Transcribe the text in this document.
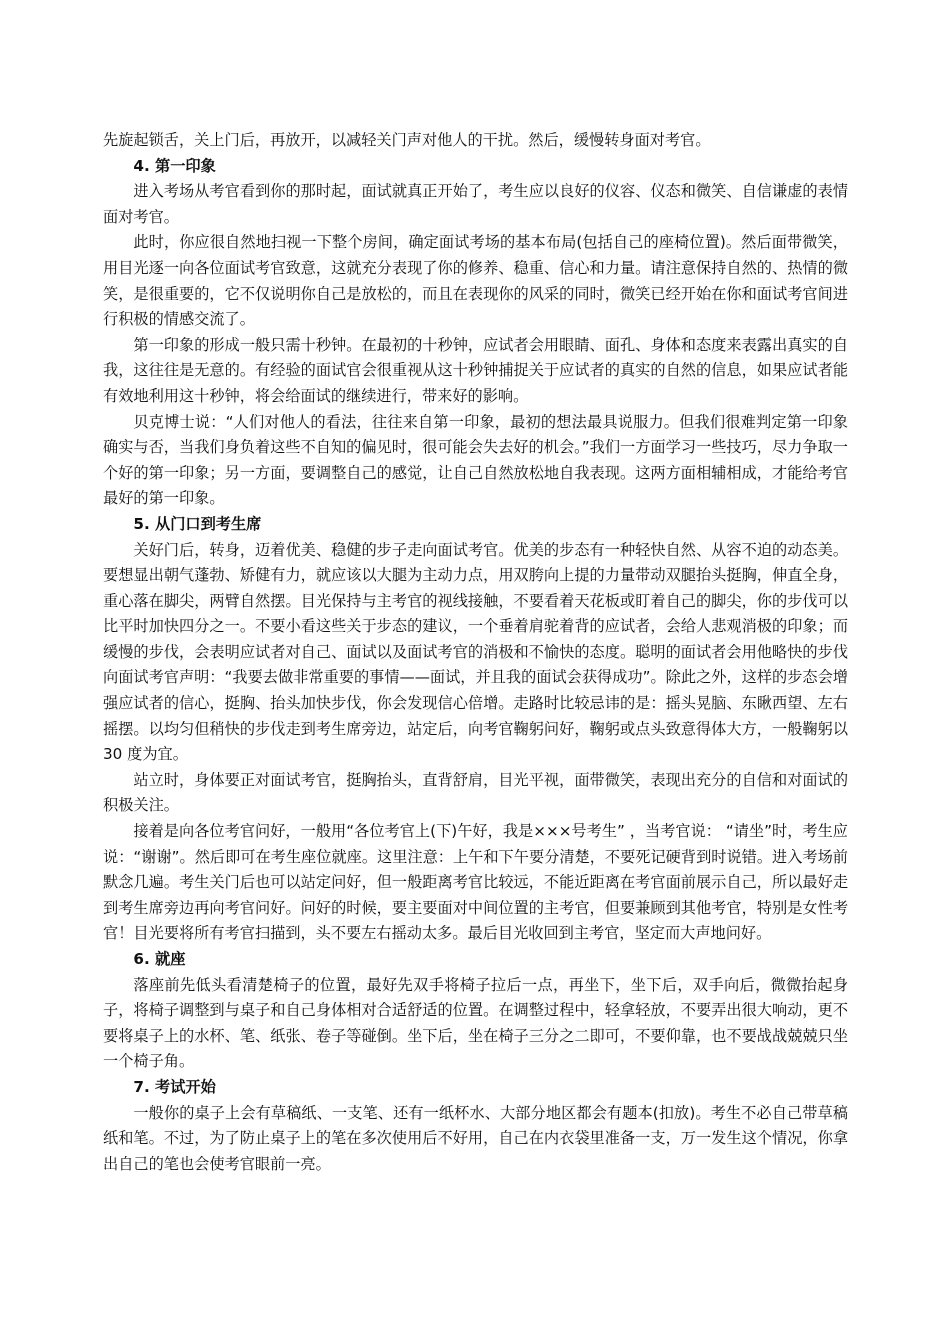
先旋起锁舌，关上门后，再放开，以减轻关门声对他人的干扰。然后，缓慢转身面对考官。

4. 第一印象

进入考场从考官看到你的那时起，面试就真正开始了，考生应以良好的仪容、仪态和微笑、自信谦虚的表情面对考官。

此时，你应很自然地扫视一下整个房间，确定面试考场的基本布局(包括自己的座椅位置)。然后面带微笑，用目光逐一向各位面试考官致意，这就充分表现了你的修养、稳重、信心和力量。请注意保持自然的、热情的微笑，是很重要的，它不仅说明你自己是放松的，而且在表现你的风采的同时，微笑已经开始在你和面试考官间进行积极的情感交流了。

第一印象的形成一般只需十秒钟。在最初的十秒钟，应试者会用眼睛、面孔、身体和态度来表露出真实的自我，这往往是无意的。有经验的面试官会很重视从这十秒钟捕捉关于应试者的真实的自然的信息，如果应试者能有效地利用这十秒钟，将会给面试的继续进行，带来好的影响。

贝克博士说：“人们对他人的看法，往往来自第一印象，最初的想法最具说服力。但我们很难判定第一印象确实与否，当我们身负着这些不自知的偏见时，很可能会失去好的机会。”我们一方面学习一些技巧，尽力争取一个好的第一印象；另一方面，要调整自己的感觉，让自己自然放松地自我表现。这两方面相辅相成，才能给考官最好的第一印象。

5. 从门口到考生席

关好门后，转身，迈着优美、稳健的步子走向面试考官。优美的步态有一种轻快自然、从容不迫的动态美。要想显出朝气蓬勃、矫健有力，就应该以大腿为主动力点，用双胯向上提的力量带动双腿抬头挺胸，伸直全身，重心落在脚尖，两臂自然摆。目光保持与主考官的视线接触，不要看着天花板或盯着自己的脚尖，你的步伐可以比平时加快四分之一。不要小看这些关于步态的建议，一个垂着肩驼着背的应试者，会给人悲观消极的印象；而缓慢的步伐，会表明应试者对自己、面试以及面试考官的消极和不愉快的态度。聪明的面试者会用他略快的步伐向面试考官声明：“我要去做非常重要的事情——面试，并且我的面试会获得成功”。除此之外，这样的步态会增强应试者的信心，挺胸、抬头加快步伐，你会发现信心倍增。走路时比较忌讳的是：摇头晃脑、东瞅西望、左右摇摆。以均匀但稍快的步伐走到考生席旁边，站定后，向考官鞠躬问好，鞠躬或点头致意得体大方，一般鞠躬以 30 度为宜。

站立时，身体要正对面试考官，挺胸抬头，直背舒肩，目光平视，面带微笑，表现出充分的自信和对面试的积极关注。

接着是向各位考官问好，一般用“各位考官上(下)午好，我是×××号考生” ，当考官说： “请坐”时，考生应说：“谢谢”。然后即可在考生座位就座。这里注意：上午和下午要分清楚，不要死记硬背到时说错。进入考场前默念几遍。考生关门后也可以站定问好，但一般距离考官比较远，不能近距离在考官面前展示自己，所以最好走到考生席旁边再向考官问好。问好的时候，要主要面对中间位置的主考官，但要兼顾到其他考官，特别是女性考官！目光要将所有考官扫描到，头不要左右摇动太多。最后目光收回到主考官，坚定而大声地问好。

6. 就座

落座前先低头看清楚椅子的位置，最好先双手将椅子拉后一点，再坐下，坐下后，双手向后，微微抬起身子，将椅子调整到与桌子和自己身体相对合适舒适的位置。在调整过程中，轻拿轻放，不要弄出很大响动，更不要将桌子上的水杯、笔、纸张、卷子等碰倒。坐下后，坐在椅子三分之二即可，不要仰靠，也不要战战兢兢只坐一个椅子角。

7. 考试开始

一般你的桌子上会有草稿纸、一支笔、还有一纸杯水、大部分地区都会有题本(扣放)。考生不必自己带草稿纸和笔。不过，为了防止桌子上的笔在多次使用后不好用，自己在内衣袋里准备一支，万一发生这个情况，你拿出自己的笔也会使考官眼前一亮。
